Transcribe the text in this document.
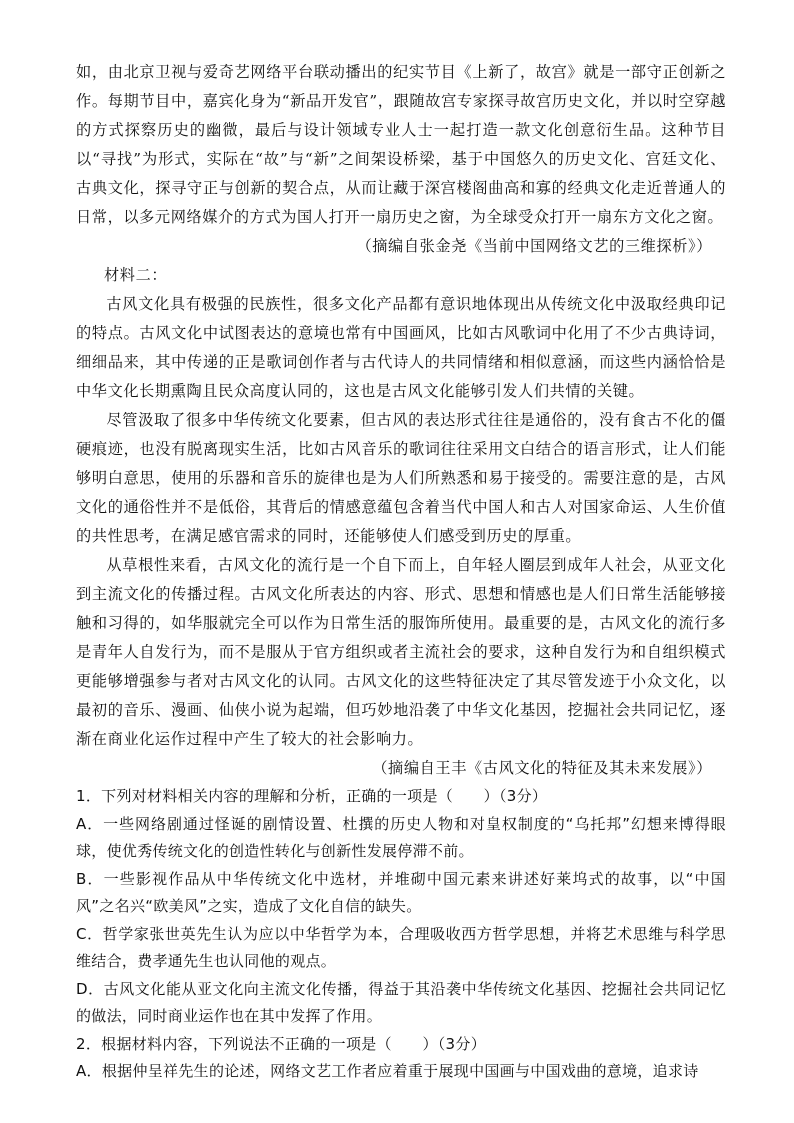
如，由北京卫视与爱奇艺网络平台联动播出的纪实节目《上新了，故宫》就是一部守正创新之作。每期节目中，嘉宾化身为“新品开发官”，跟随故宫专家探寻故宫历史文化，并以时空穿越的方式探察历史的幽微，最后与设计领域专业人士一起打造一款文化创意衍生品。这种节目以“寻找”为形式，实际在“故”与“新”之间架设桥梁，基于中国悠久的历史文化、宫廷文化、古典文化，探寻守正与创新的契合点，从而让藏于深宫楼阁曲高和寡的经典文化走近普通人的日常，以多元网络媒介的方式为国人打开一扇历史之窗，为全球受众打开一扇东方文化之窗。

（摘编自张金尧《当前中国网络文艺的三维探析》）

材料二：

古风文化具有极强的民族性，很多文化产品都有意识地体现出从传统文化中汲取经典印记的特点。古风文化中试图表达的意境也常有中国画风，比如古风歌词中化用了不少古典诗词，细细品来，其中传递的正是歌词创作者与古代诗人的共同情绪和相似意涵，而这些内涵恰恰是中华文化长期熏陶且民众高度认同的，这也是古风文化能够引发人们共情的关键。

尽管汲取了很多中华传统文化要素，但古风的表达形式往往是通俗的，没有食古不化的僵硬痕迹，也没有脱离现实生活，比如古风音乐的歌词往往采用文白结合的语言形式，让人们能够明白意思，使用的乐器和音乐的旋律也是为人们所熟悉和易于接受的。需要注意的是，古风文化的通俗性并不是低俗，其背后的情感意蕴包含着当代中国人和古人对国家命运、人生价值的共性思考，在满足感官需求的同时，还能够使人们感受到历史的厚重。

从草根性来看，古风文化的流行是一个自下而上，自年轻人圈层到成年人社会，从亚文化到主流文化的传播过程。古风文化所表达的内容、形式、思想和情感也是人们日常生活能够接触和习得的，如华服就完全可以作为日常生活的服饰所使用。最重要的是，古风文化的流行多是青年人自发行为，而不是服从于官方组织或者主流社会的要求，这种自发行为和自组织模式更能够增强参与者对古风文化的认同。古风文化的这些特征决定了其尽管发迹于小众文化，以最初的音乐、漫画、仙侠小说为起端，但巧妙地沿袭了中华文化基因，挖掘社会共同记忆，逐渐在商业化运作过程中产生了较大的社会影响力。

（摘编自王丰《古风文化的特征及其未来发展》）

1．下列对材料相关内容的理解和分析，正确的一项是（　　）（3分）

A．一些网络剧通过怪诞的剧情设置、杜撰的历史人物和对皇权制度的“乌托邦”幻想来博得眼球，使优秀传统文化的创造性转化与创新性发展停滞不前。

B．一些影视作品从中华传统文化中选材，并堆砌中国元素来讲述好莱坞式的故事，以“中国风”之名兴“欧美风”之实，造成了文化自信的缺失。

C．哲学家张世英先生认为应以中华哲学为本，合理吸收西方哲学思想，并将艺术思维与科学思维结合，费孝通先生也认同他的观点。

D．古风文化能从亚文化向主流文化传播，得益于其沿袭中华传统文化基因、挖掘社会共同记忆的做法，同时商业运作也在其中发挥了作用。

2．根据材料内容，下列说法不正确的一项是（　　）（3分）

A．根据仲呈祥先生的论述，网络文艺工作者应着重于展现中国画与中国戏曲的意境，追求诗
